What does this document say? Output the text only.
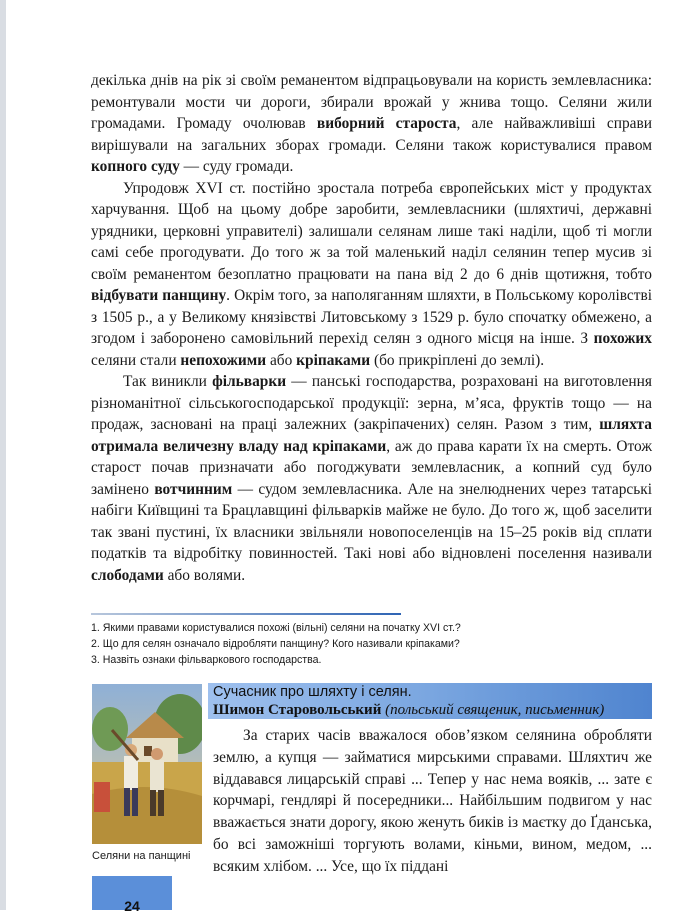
декілька днів на рік зі своїм реманентом відпрацьовували на користь землевласника: ремонтували мости чи дороги, збирали врожай у жнива тощо. Селяни жили громадами. Громаду очолював виборний староста, але найважливіші справи вирішували на загальних зборах громади. Селяни також користувалися правом копного суду — суду громади.

Упродовж XVI ст. постійно зростала потреба європейських міст у продуктах харчування. Щоб на цьому добре заробити, землевласники (шляхтичі, державні урядники, церковні управителі) залишали селянам лише такі наділи, щоб ті могли самі себе прогодувати. До того ж за той маленький наділ селянин тепер мусив зі своїм реманентом безоплатно працювати на пана від 2 до 6 днів щотижня, тобто відбувати панщину. Окрім того, за наполяганням шляхти, в Польському королівстві з 1505 р., а у Великому князівстві Литовському з 1529 р. було спочатку обмежено, а згодом і заборонено самовільний перехід селян з одного місця на інше. З похожих селяни стали непохожими або кріпаками (бо прикріплені до землі).

Так виникли фільварки — панські господарства, розраховані на виготовлення різноманітної сільськогосподарської продукції: зерна, м’яса, фруктів тощо — на продаж, засновані на праці залежних (закріпачених) селян. Разом з тим, шляхта отримала величезну владу над кріпаками, аж до права карати їх на смерть. Отож старост почав призначати або погоджувати землевласник, а копний суд було замінено вотчинним — судом землевласника. Але на знелюднених через татарські набіги Київщині та Брацлавщині фільварків майже не було. До того ж, щоб заселити так звані пустині, їх власники звільняли новопоселенців на 15–25 років від сплати податків та відробітку повинностей. Такі нові або відновлені поселення називали слободами або волями.

1. Якими правами користувалися похожі (вільні) селяни на початку XVI ст.?
2. Що для селян означало відробляти панщину? Кого називали кріпаками?
3. Назвіть ознаки фільваркового господарства.
Селяни на панщині
Сучасник про шляхту і селян.
Шимон Старовольський (польський священик, письменник)

За старих часів вважалося обов’язком селянина обробляти землю, а купця — займатися мирськими справами. Шляхтич же віддавався лицарській справі ... Тепер у нас нема вояків, ... зате є корчмарі, гендлярі й посередники... Найбільшим подвигом у нас вважається знати дорогу, якою женуть биків із маєтку до Ґданська, бо всі заможніші торгують волами, кіньми, вином, медом, ... всяким хлібом. ... Усе, що їх піддані

24
